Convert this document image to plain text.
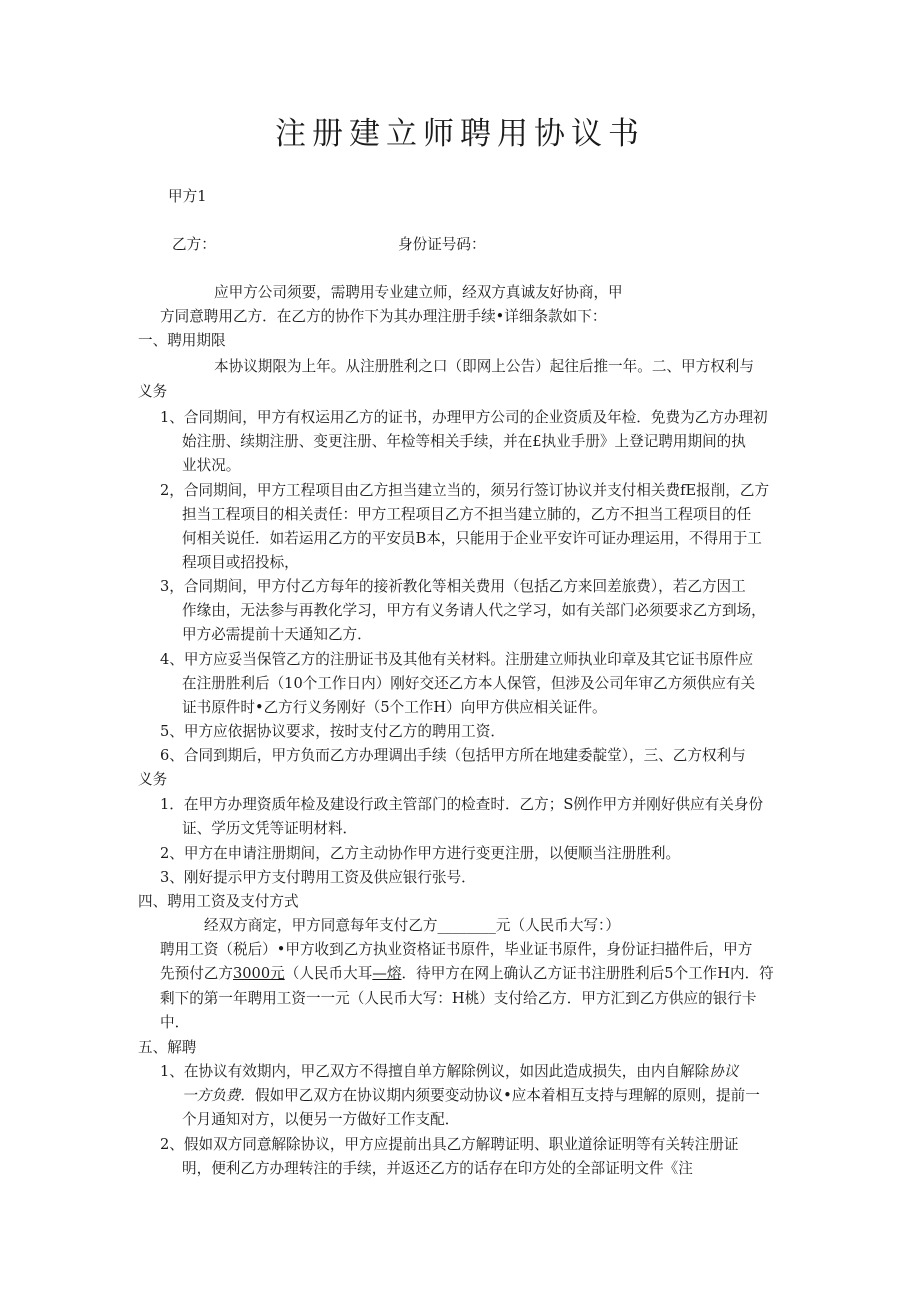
注册建立师聘用协议书

甲方1

乙方：	身份证号码：

应甲方公司须要，需聘用专业建立师，经双方真诚友好协商，甲

方同意聘用乙方．在乙方的协作下为其办理注册手续•详细条款如下：

一、聘用期限

本协议期限为上年。从注册胜利之口（即网上公告）起往后推一年。二、甲方权利与

义务

1、合同期间，甲方有权运用乙方的证书，办理甲方公司的企业资质及年检．免费为乙方办理初

始注册、续期注册、变更注册、年检等相关手续，并在£执业手册》上登记聘用期间的执

业状况。

2，合同期间，甲方工程项目由乙方担当建立当的，须另行签订协议并支付相关费fE报削，乙方

担当工程项目的相关责任：甲方工程项目乙方不担当建立肺的，乙方不担当工程项目的任

何相关说任．如若运用乙方的平安员B本，只能用于企业平安许可证办理运用，不得用于工

程项目或招投标，

3，合同期间，甲方付乙方每年的接祈教化等相关费用（包括乙方来回差旅费），若乙方因工

作缘由，无法参与再教化学习，甲方有义务请人代之学习，如有关部门必须要求乙方到场，

甲方必需提前十天通知乙方．

4、甲方应妥当保管乙方的注册证书及其他有关材料。注册建立师执业印章及其它证书原件应

在注册胜利后（10个工作日内）刚好交还乙方本人保管，但涉及公司年审乙方须供应有关

证书原件时•乙方行义务刚好（5个工作H）向甲方供应相关证件。

5、甲方应依据协议要求，按时支付乙方的聘用工资．

6、合同到期后，甲方负而乙方办理调出手续（包括甲方所在地建委靛堂），三、乙方权利与

义务

1．在甲方办理资质年检及建设行政主管部门的检查时．乙方；S例作甲方并刚好供应有关身份

证、学历文凭等证明材料．

2、甲方在申请注册期间，乙方主动协作甲方进行变更注册，以便顺当注册胜利。

3、刚好提示甲方支付聘用工资及供应银行张号．

四、聘用工资及支付方式

经双方商定，甲方同意每年支付乙方________元（人民币大写：）

聘用工资（税后）•甲方收到乙方执业资格证书原件，毕业证书原件，身份证扫描件后，甲方

先预付乙方3000元（人民币大耳—熔．待甲方在网上确认乙方证书注册胜利后5个工作H内．符

剩下的第一年聘用工资一一元（人民币大写：H桃）支付给乙方．甲方汇到乙方供应的银行卡

中．

五、解聘

1、在协议有效期内，甲乙双方不得擅自单方解除例议，如因此造成损失，由内自解除协议

一方负费．假如甲乙双方在协议期内须要变动协议•应本着相互支持与理解的原则，提前一

个月通知对方，以便另一方做好工作支配．

2、假如双方同意解除协议，甲方应提前出具乙方解聘证明、职业道徐证明等有关转注册证

明，便利乙方办理转注的手续，并返还乙方的话存在印方处的全部证明文件《注
